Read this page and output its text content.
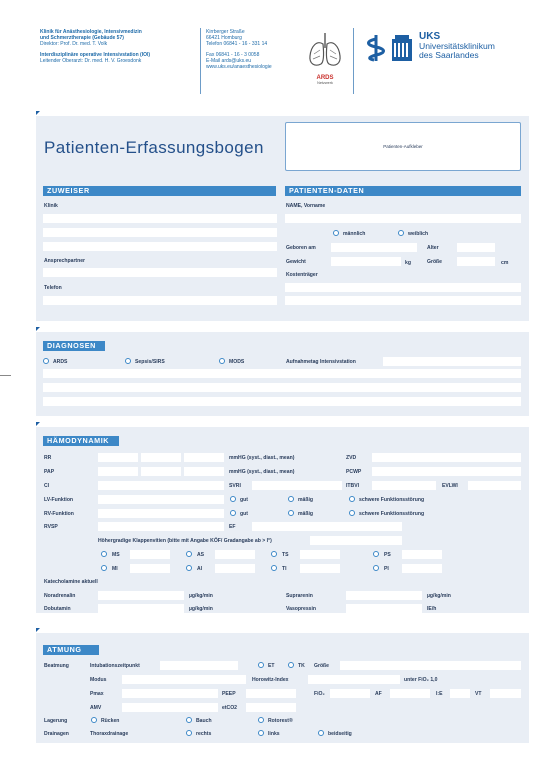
Klinik für Anästhesiologie, Intensivmedizin
und Schmerztherapie (Gebäude 57)
Direktor: Prof. Dr. med. T. Volk
Interdisziplinäre operative Intensivstation (IOI)
Leitender Oberarzt: Dr. med. H. V. Groesdonk
Kirrberger Straße
66421 Homburg
Telefon 06841 - 16 - 331 14
Fax 06841 - 16 - 3 0058
E-Mail ards@uks.eu
www.uks.eu/anaesthesiologie
ARDS
Netzwerk
UKS
Universitätsklinikum
des Saarlandes
Patienten-Erfassungsbogen	Patienten-Aufkleber
ZUWEISER
Klinik
Ansprechpartner
Telefon
PATIENTEN-DATEN
NAME, Vorname
männlich	weiblich
Geboren am	Alter
Gewicht	kg	Größe	cm
Kostenträger
DIAGNOSEN
ARDS	Sepsis/SIRS	MODS	Aufnahmetag Intensivstation
HÄMODYNAMIK
RR	mmHG (syst., diast., mean)	ZVD
PAP	mmHG (syst., diast., mean)	PCWP
CI	SVRI	ITBVI	EVLWI
LV-Funktion	gut	mäßig	schwere Funktionsstörung
RV-Funktion	gut	mäßig	schwere Funktionsstörung
RVSP	EF
Höhergradige Klappenvitien (bitte mit Angabe KÖF/ Gradangabe ab > I°)
MS	AS	TS	PS
MI	AI	TI	PI
Katecholamine aktuell
Noradrenalin	µg/kg/min	Suprarenin	µg/kg/min
Dobutamin	µg/kg/min	Vasopressin	IE/h
ATMUNG
Beatmung	Intubationszeitpunkt	ET	TK Größe
Modus	Horowitz-Index	unter FiO₂ 1,0
Pmax	PEEP	FiO₂	AF	I:E	VT
AMV	etCO2
Lagerung	Rücken	Bauch	Rotorest®
Drainagen	Thoraxdrainage	rechts	links	beidseitig
